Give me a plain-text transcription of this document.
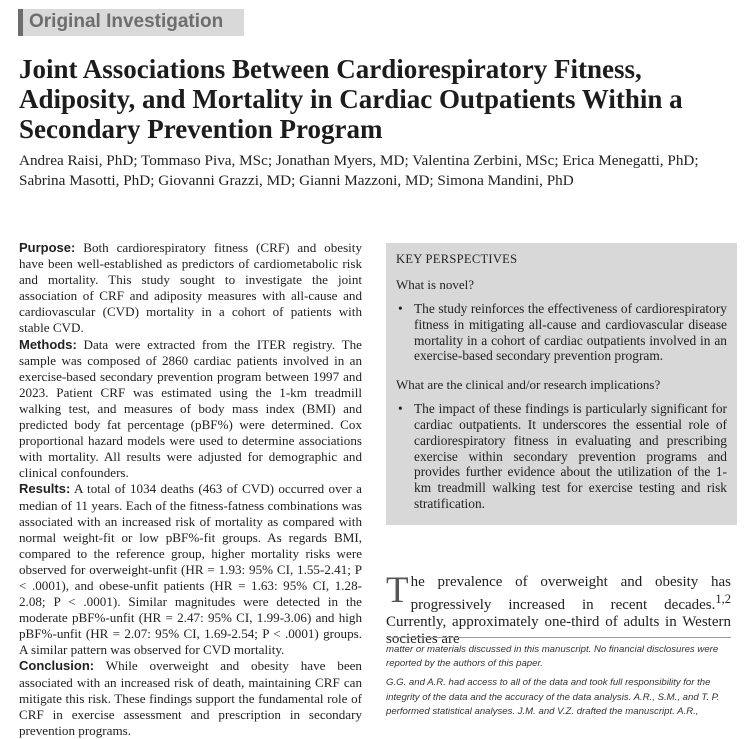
Original Investigation
Joint Associations Between Cardiorespiratory Fitness, Adiposity, and Mortality in Cardiac Outpatients Within a Secondary Prevention Program

Andrea Raisi, PhD; Tommaso Piva, MSc; Jonathan Myers, MD; Valentina Zerbini, MSc; Erica Menegatti, PhD; Sabrina Masotti, PhD; Giovanni Grazzi, MD; Gianni Mazzoni, MD; Simona Mandini, PhD

Purpose: Both cardiorespiratory fitness (CRF) and obesity have been well-established as predictors of cardiometabolic risk and mortality. This study sought to investigate the joint association of CRF and adiposity measures with all-cause and cardiovascular (CVD) mortality in a cohort of patients with stable CVD.

Methods: Data were extracted from the ITER registry. The sample was composed of 2860 cardiac patients involved in an exercise-based secondary prevention program between 1997 and 2023. Patient CRF was estimated using the 1-km treadmill walking test, and measures of body mass index (BMI) and predicted body fat percentage (pBF%) were determined. Cox proportional hazard models were used to determine associations with mortality. All results were adjusted for demographic and clinical confounders.

Results: A total of 1034 deaths (463 of CVD) occurred over a median of 11 years. Each of the fitness-fatness combinations was associated with an increased risk of mortality as compared with normal weight-fit or low pBF%-fit groups. As regards BMI, compared to the reference group, higher mortality risks were observed for overweight-unfit (HR = 1.93: 95% CI, 1.55-2.41; P < .0001), and obese-unfit patients (HR = 1.63: 95% CI, 1.28-2.08; P < .0001). Similar magnitudes were detected in the moderate pBF%-unfit (HR = 2.47: 95% CI, 1.99-3.06) and high pBF%-unfit (HR = 2.07: 95% CI, 1.69-2.54; P < .0001) groups. A similar pattern was observed for CVD mortality.

Conclusion: While overweight and obesity have been associated with an increased risk of death, maintaining CRF can mitigate this risk. These findings support the fundamental role of CRF in exercise assessment and prescription in secondary prevention programs.

KEY PERSPECTIVES
What is novel?
• The study reinforces the effectiveness of cardiorespiratory fitness in mitigating all-cause and cardiovascular disease mortality in a cohort of cardiac outpatients involved in an exercise-based secondary prevention program.
What are the clinical and/or research implications?
• The impact of these findings is particularly significant for cardiac outpatients. It underscores the essential role of cardiorespiratory fitness in evaluating and prescribing exercise within secondary prevention programs and provides further evidence about the utilization of the 1-km treadmill walking test for exercise testing and risk stratification.

The prevalence of overweight and obesity has progressively increased in recent decades.$^{1,2}$ Currently, approximately one-third of adults in Western societies are

matter or materials discussed in this manuscript. No financial disclosures were reported by the authors of this paper.

G.G. and A.R. had access to all of the data and took full responsibility for the integrity of the data and the accuracy of the data analysis. A.R., S.M., and T. P. performed statistical analyses. J.M. and V.Z. drafted the manuscript. A.R.,
